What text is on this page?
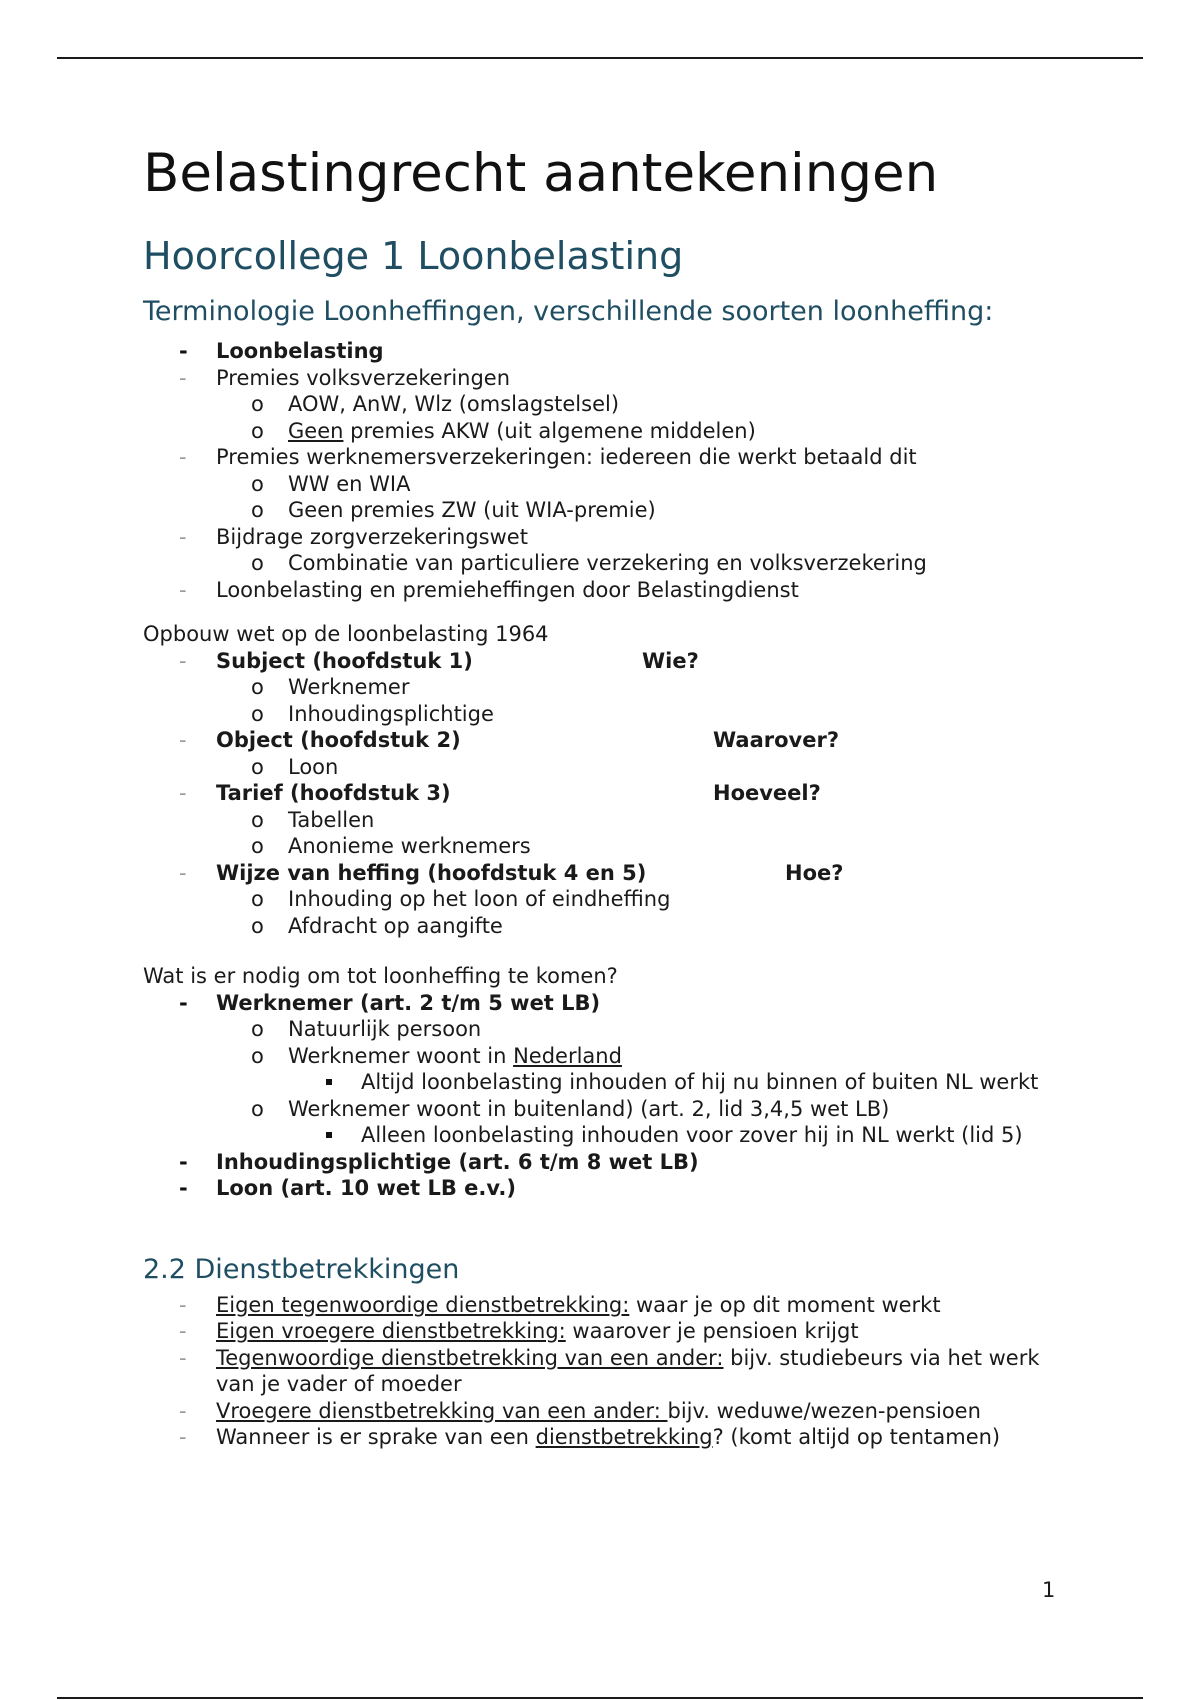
Belastingrecht aantekeningen
Hoorcollege 1 Loonbelasting
Terminologie Loonheffingen, verschillende soorten loonheffing:
- Loonbelasting
- Premies volksverzekeringen
o AOW, AnW, Wlz (omslagstelsel)
o Geen premies AKW (uit algemene middelen)
- Premies werknemersverzekeringen: iedereen die werkt betaald dit
o WW en WIA
o Geen premies ZW (uit WIA-premie)
- Bijdrage zorgverzekeringswet
o Combinatie van particuliere verzekering en volksverzekering
- Loonbelasting en premieheffingen door Belastingdienst
Opbouw wet op de loonbelasting 1964
- Subject (hoofdstuk 1)	Wie?
o Werknemer
o Inhoudingsplichtige
- Object (hoofdstuk 2)	Waarover?
o Loon
- Tarief (hoofdstuk 3)	Hoeveel?
o Tabellen
o Anonieme werknemers
- Wijze van heffing (hoofdstuk 4 en 5)	Hoe?
o Inhouding op het loon of eindheffing
o Afdracht op aangifte
Wat is er nodig om tot loonheffing te komen?
- Werknemer (art. 2 t/m 5 wet LB)
o Natuurlijk persoon
o Werknemer woont in Nederland
Altijd loonbelasting inhouden of hij nu binnen of buiten NL werkt
o Werknemer woont in buitenland) (art. 2, lid 3,4,5 wet LB)
Alleen loonbelasting inhouden voor zover hij in NL werkt (lid 5)
- Inhoudingsplichtige (art. 6 t/m 8 wet LB)
- Loon (art. 10 wet LB e.v.)
2.2 Dienstbetrekkingen
- Eigen tegenwoordige dienstbetrekking: waar je op dit moment werkt
- Eigen vroegere dienstbetrekking: waarover je pensioen krijgt
- Tegenwoordige dienstbetrekking van een ander: bijv. studiebeurs via het werk van je vader of moeder
- Vroegere dienstbetrekking van een ander: bijv. weduwe/wezen-pensioen
- Wanneer is er sprake van een dienstbetrekking? (komt altijd op tentamen)
1
